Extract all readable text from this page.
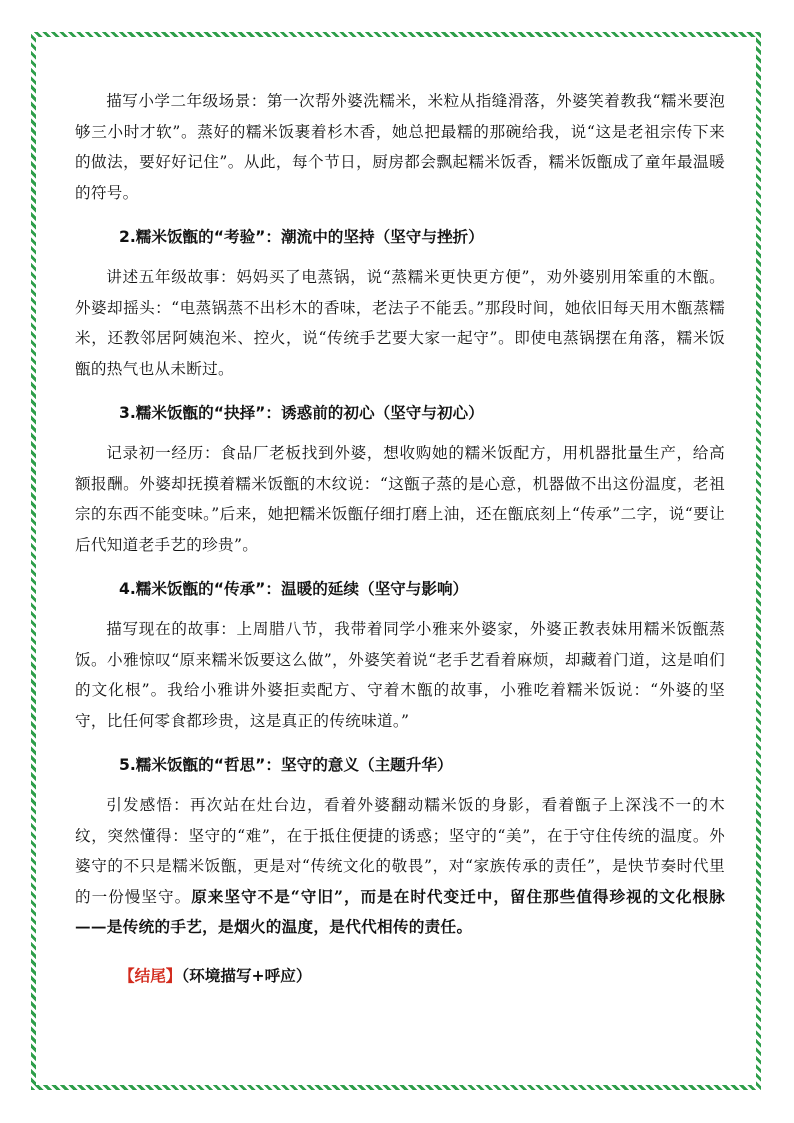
描写小学二年级场景：第一次帮外婆洗糯米，米粒从指缝滑落，外婆笑着教我“糯米要泡够三小时才软”。蒸好的糯米饭裹着杉木香，她总把最糯的那碗给我，说“这是老祖宗传下来的做法，要好好记住”。从此，每个节日，厨房都会飘起糯米饭香，糯米饭甑成了童年最温暖的符号。

2.糯米饭甑的“考验”：潮流中的坚持（坚守与挫折）

讲述五年级故事：妈妈买了电蒸锅，说“蒸糯米更快更方便”，劝外婆别用笨重的木甑。外婆却摇头：“电蒸锅蒸不出杉木的香味，老法子不能丢。”那段时间，她依旧每天用木甑蒸糯米，还教邻居阿姨泡米、控火，说“传统手艺要大家一起守”。即使电蒸锅摆在角落，糯米饭甑的热气也从未断过。

3.糯米饭甑的“抉择”：诱惑前的初心（坚守与初心）

记录初一经历：食品厂老板找到外婆，想收购她的糯米饭配方，用机器批量生产，给高额报酬。外婆却抚摸着糯米饭甑的木纹说：“这甑子蒸的是心意，机器做不出这份温度，老祖宗的东西不能变味。”后来，她把糯米饭甑仔细打磨上油，还在甑底刻上“传承”二字，说“要让后代知道老手艺的珍贵”。

4.糯米饭甑的“传承”：温暖的延续（坚守与影响）

描写现在的故事：上周腊八节，我带着同学小雅来外婆家，外婆正教表妹用糯米饭甑蒸饭。小雅惊叹“原来糯米饭要这么做”，外婆笑着说“老手艺看着麻烦，却藏着门道，这是咱们的文化根”。我给小雅讲外婆拒卖配方、守着木甑的故事，小雅吃着糯米饭说：“外婆的坚守，比任何零食都珍贵，这是真正的传统味道。”

5.糯米饭甑的“哲思”：坚守的意义（主题升华）

引发感悟：再次站在灶台边，看着外婆翻动糯米饭的身影，看着甑子上深浅不一的木纹，突然懂得：坚守的“难”，在于抵住便捷的诱惑；坚守的“美”，在于守住传统的温度。外婆守的不只是糯米饭甑，更是对“传统文化的敬畏”，对“家族传承的责任”，是快节奏时代里的一份慢坚守。原来坚守不是“守旧”，而是在时代变迁中，留住那些值得珍视的文化根脉——是传统的手艺，是烟火的温度，是代代相传的责任。

【结尾】（环境描写+呼应）
